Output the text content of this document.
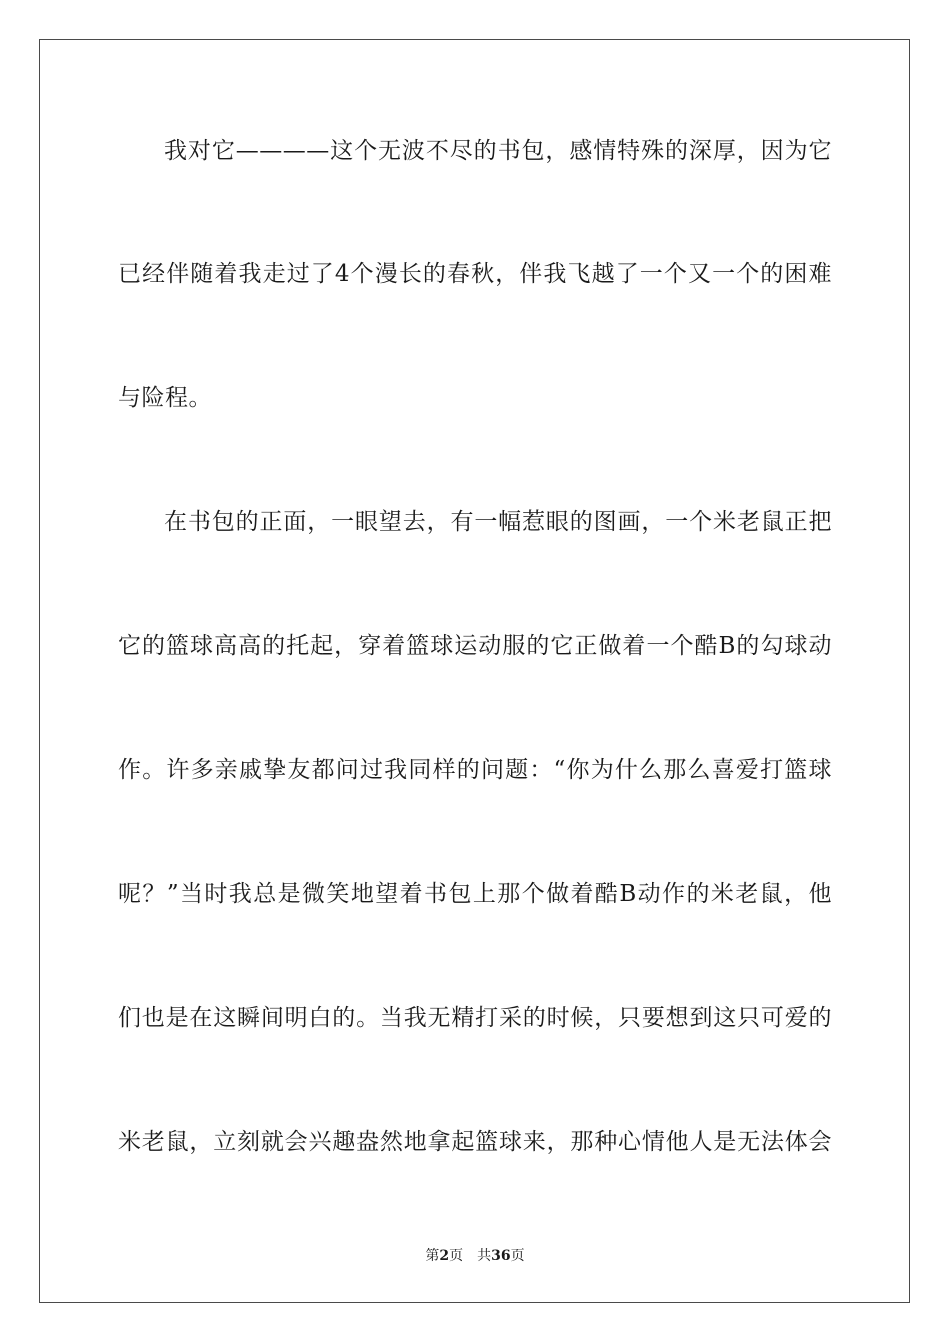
我对它————这个无波不尽的书包，感情特殊的深厚，因为它
已经伴随着我走过了4个漫长的春秋，伴我飞越了一个又一个的困难
与险程。
在书包的正面，一眼望去，有一幅惹眼的图画，一个米老鼠正把
它的篮球高高的托起，穿着篮球运动服的它正做着一个酷B的勾球动
作。许多亲戚挚友都问过我同样的问题：“你为什么那么喜爱打篮球
呢？”当时我总是微笑地望着书包上那个做着酷B动作的米老鼠，他
们也是在这瞬间明白的。当我无精打采的时候，只要想到这只可爱的
米老鼠，立刻就会兴趣盎然地拿起篮球来，那种心情他人是无法体会
第2页 共36页
